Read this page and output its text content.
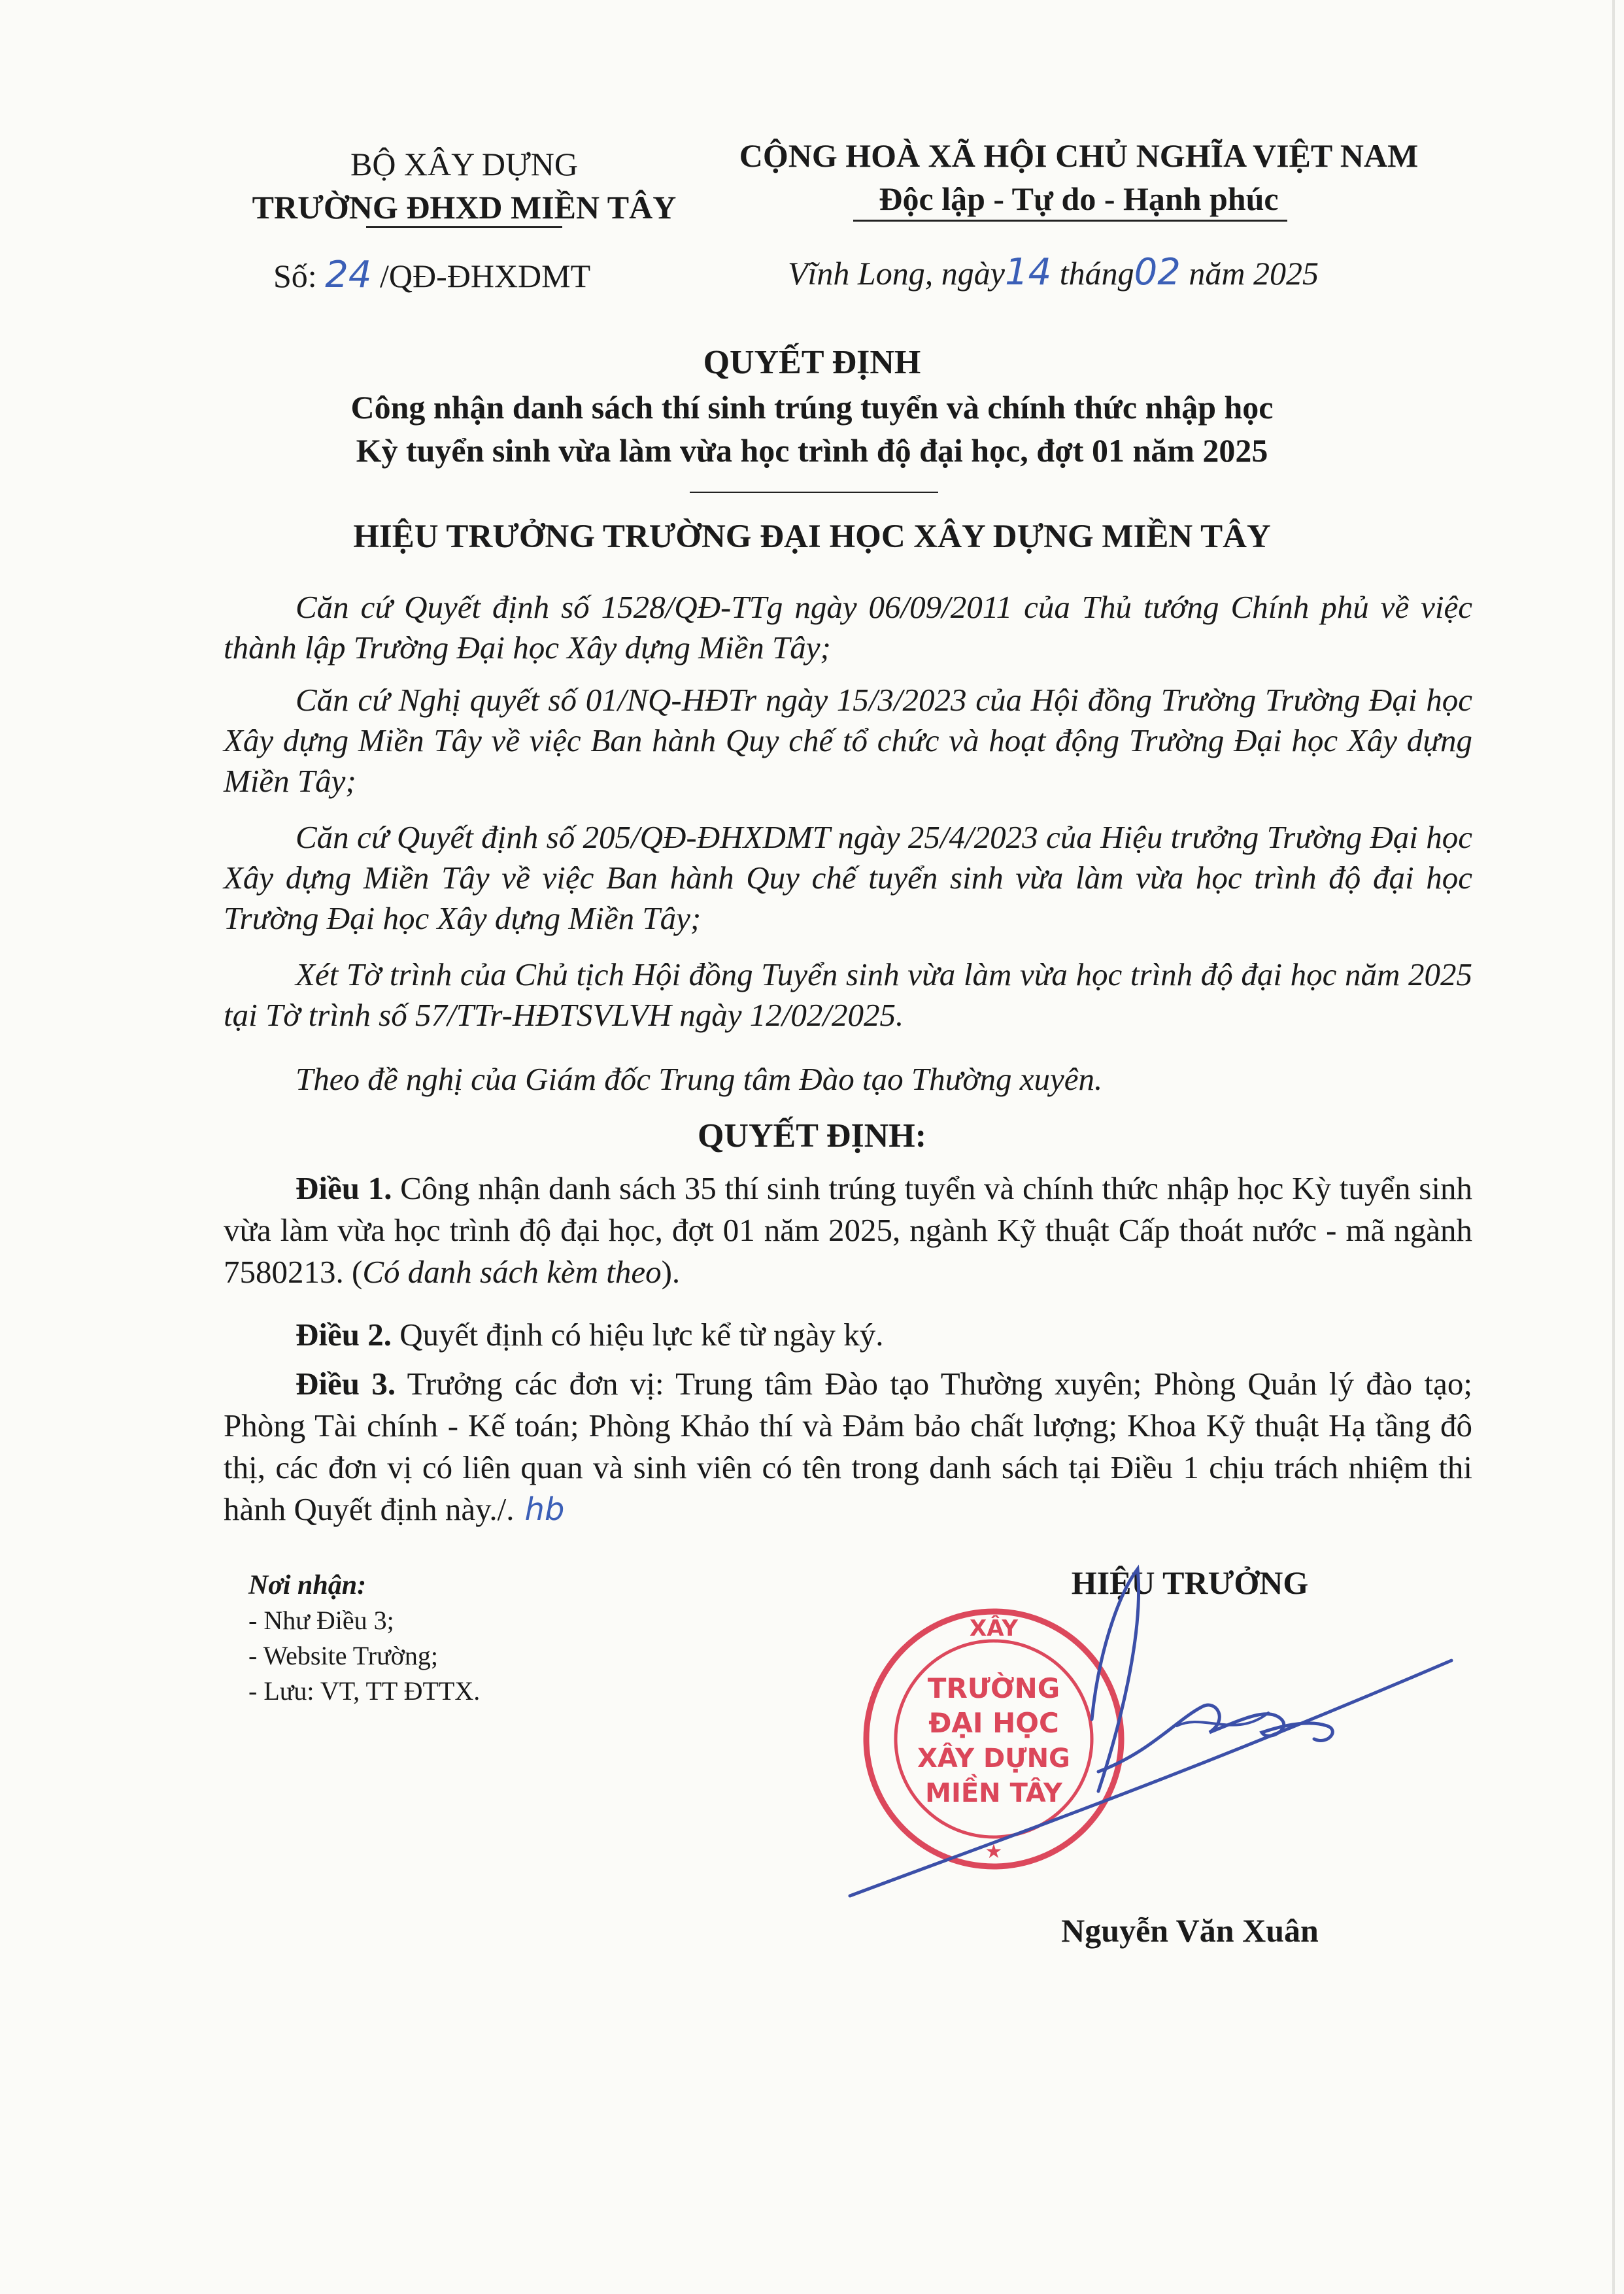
BỘ XÂY DỰNG
TRƯỜNG ĐHXD MIỀN TÂY
CỘNG HOÀ XÃ HỘI CHỦ NGHĨA VIỆT NAM
Độc lập - Tự do - Hạnh phúc
Số: 24 /QĐ-ĐHXDMT	Vĩnh Long, ngày14 tháng02 năm 2025
QUYẾT ĐỊNH
Công nhận danh sách thí sinh trúng tuyển và chính thức nhập học
Kỳ tuyển sinh vừa làm vừa học trình độ đại học, đợt 01 năm 2025
HIỆU TRƯỞNG TRƯỜNG ĐẠI HỌC XÂY DỰNG MIỀN TÂY
Căn cứ Quyết định số 1528/QĐ-TTg ngày 06/09/2011 của Thủ tướng Chính phủ về việc thành lập Trường Đại học Xây dựng Miền Tây;
Căn cứ Nghị quyết số 01/NQ-HĐTr ngày 15/3/2023 của Hội đồng Trường Trường Đại học Xây dựng Miền Tây về việc Ban hành Quy chế tổ chức và hoạt động Trường Đại học Xây dựng Miền Tây;
Căn cứ Quyết định số 205/QĐ-ĐHXDMT ngày 25/4/2023 của Hiệu trưởng Trường Đại học Xây dựng Miền Tây về việc Ban hành Quy chế tuyển sinh vừa làm vừa học trình độ đại học Trường Đại học Xây dựng Miền Tây;
Xét Tờ trình của Chủ tịch Hội đồng Tuyển sinh vừa làm vừa học trình độ đại học năm 2025 tại Tờ trình số 57/TTr-HĐTSVLVH ngày 12/02/2025.
Theo đề nghị của Giám đốc Trung tâm Đào tạo Thường xuyên.
QUYẾT ĐỊNH:
Điều 1. Công nhận danh sách 35 thí sinh trúng tuyển và chính thức nhập học Kỳ tuyển sinh vừa làm vừa học trình độ đại học, đợt 01 năm 2025, ngành Kỹ thuật Cấp thoát nước - mã ngành 7580213. (Có danh sách kèm theo).
Điều 2. Quyết định có hiệu lực kể từ ngày ký.
Điều 3. Trưởng các đơn vị: Trung tâm Đào tạo Thường xuyên; Phòng Quản lý đào tạo; Phòng Tài chính - Kế toán; Phòng Khảo thí và Đảm bảo chất lượng; Khoa Kỹ thuật Hạ tầng đô thị, các đơn vị có liên quan và sinh viên có tên trong danh sách tại Điều 1 chịu trách nhiệm thi hành Quyết định này./. hb
Nơi nhận:
- Như Điều 3;
- Website Trường;
- Lưu: VT, TT ĐTTX.
HIỆU TRƯỞNG
XÂY
TRƯỜNG
ĐẠI HỌC
XÂY DỰNG
MIỀN TÂY
★
Nguyễn Văn Xuân
